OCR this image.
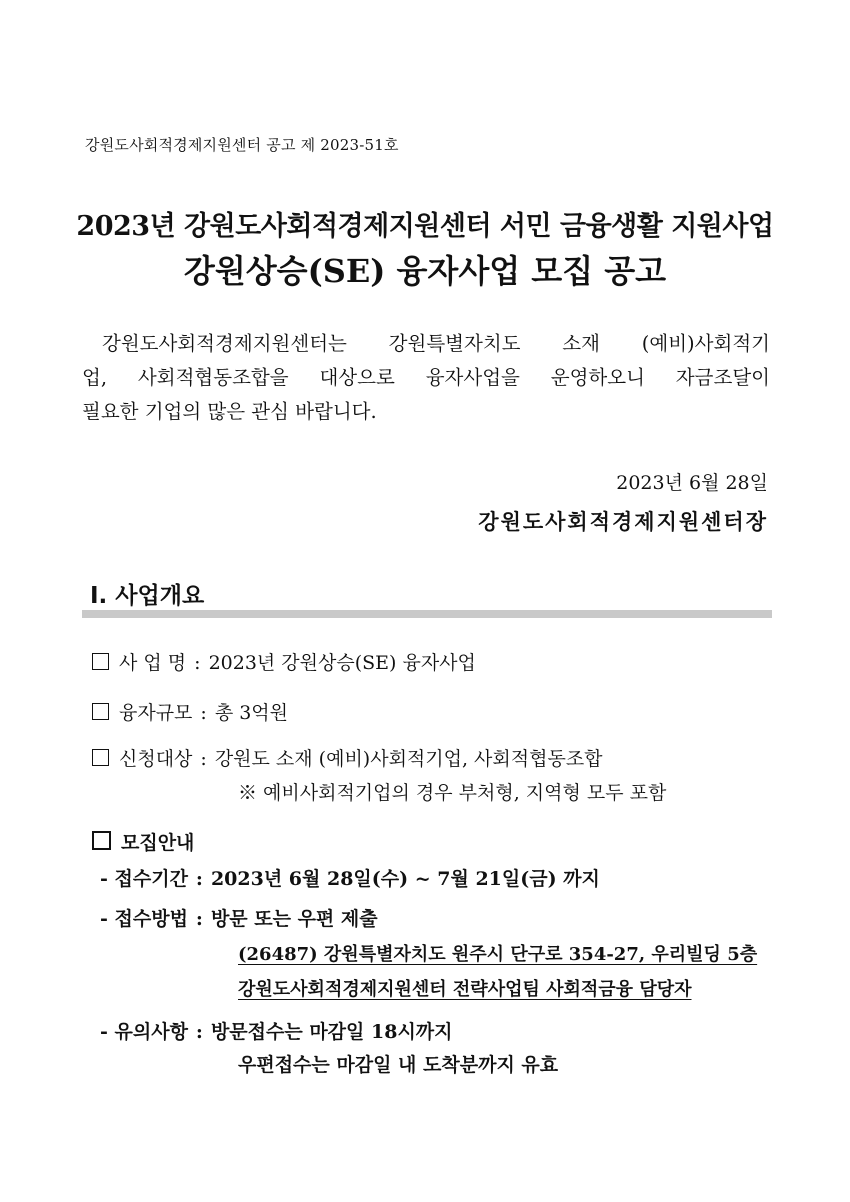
강원도사회적경제지원센터 공고 제 2023-51호
2023년 강원도사회적경제지원센터 서민 금융생활 지원사업
강원상승(SE) 융자사업 모집 공고
강원도사회적경제지원센터는 강원특별자치도 소재 (예비)사회적기
업, 사회적협동조합을 대상으로 융자사업을 운영하오니 자금조달이
필요한 기업의 많은 관심 바랍니다.
2023년 6월 28일
강원도사회적경제지원센터장
Ⅰ. 사업개요
사 업 명 : 2023년 강원상승(SE) 융자사업
융자규모 : 총 3억원
신청대상 : 강원도 소재 (예비)사회적기업, 사회적협동조합
※ 예비사회적기업의 경우 부처형, 지역형 모두 포함
모집안내
- 접수기간 : 2023년 6월 28일(수) ~ 7월 21일(금) 까지
- 접수방법 : 방문 또는 우편 제출
(26487) 강원특별자치도 원주시 단구로 354-27, 우리빌딩 5층
강원도사회적경제지원센터 전략사업팀 사회적금융 담당자
- 유의사항 : 방문접수는 마감일 18시까지
우편접수는 마감일 내 도착분까지 유효
